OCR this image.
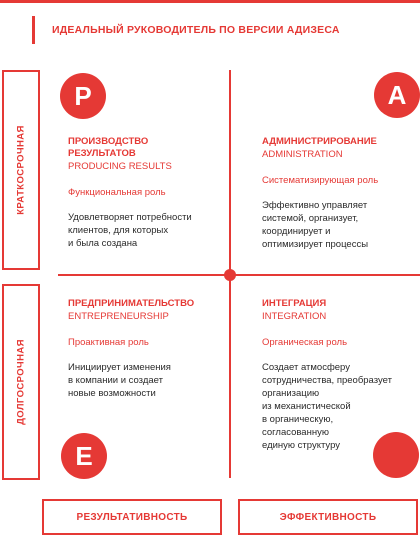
ИДЕАЛЬНЫЙ РУКОВОДИТЕЛЬ ПО ВЕРСИИ АДИЗЕСА
КРАТКОСРОЧНАЯ
ДОЛГОСРОЧНАЯ
P	A
E
ПРОИЗВОДСТВО РЕЗУЛЬТАТОВ
PRODUCING RESULTS
Функциональная роль
Удовлетворяет потребности
клиентов, для которых
и была создана
АДМИНИСТРИРОВАНИЕ
ADMINISTRATION
Систематизирующая роль
Эффективно управляет
системой, организует,
координирует и
оптимизирует процессы
ПРЕДПРИНИМАТЕЛЬСТВО
ENTREPRENEURSHIP
Проактивная роль
Инициирует изменения
в компании и создает
новые возможности
ИНТЕГРАЦИЯ
INTEGRATION
Органическая роль
Создает атмосферу
сотрудничества, преобразует
организацию
из механистической
в органическую,
согласованную
единую структуру
РЕЗУЛЬТАТИВНОСТЬ	ЭФФЕКТИВНОСТЬ
